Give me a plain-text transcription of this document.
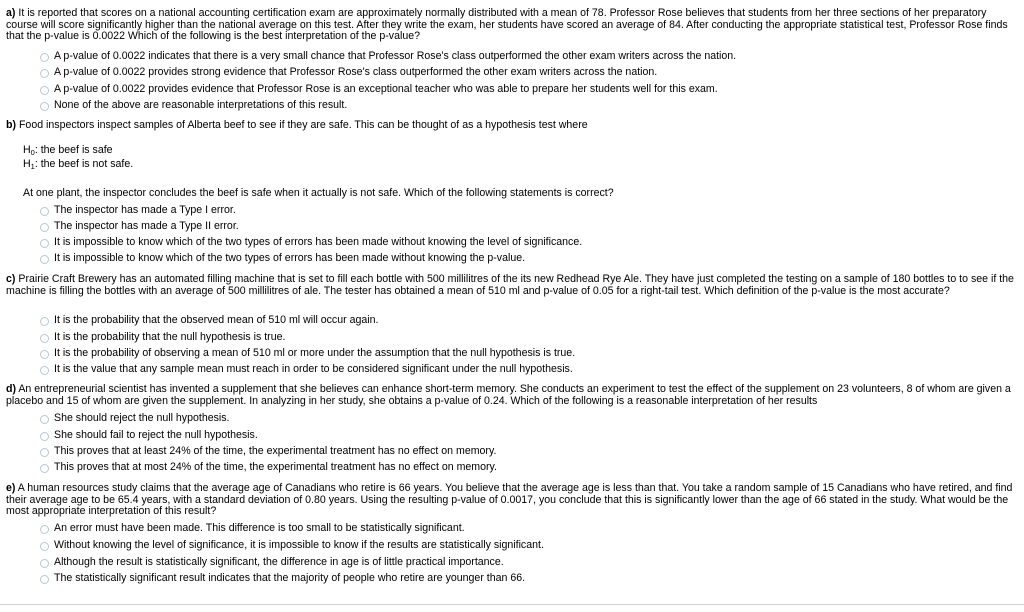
a) It is reported that scores on a national accounting certification exam are approximately normally distributed with a mean of 78. Professor Rose believes that students from her three sections of her preparatory course will score significantly higher than the national average on this test. After they write the exam, her students have scored an average of 84. After conducting the appropriate statistical test, Professor Rose finds that the p-value is 0.0022 Which of the following is the best interpretation of the p-value?
A p-value of 0.0022 indicates that there is a very small chance that Professor Rose's class outperformed the other exam writers across the nation.
A p-value of 0.0022 provides strong evidence that Professor Rose's class outperformed the other exam writers across the nation.
A p-value of 0.0022 provides evidence that Professor Rose is an exceptional teacher who was able to prepare her students well for this exam.
None of the above are reasonable interpretations of this result.
b) Food inspectors inspect samples of Alberta beef to see if they are safe. This can be thought of as a hypothesis test where
$H_0$: the beef is safe
$H_1$: the beef is not safe.
At one plant, the inspector concludes the beef is safe when it actually is not safe. Which of the following statements is correct?
The inspector has made a Type I error.
The inspector has made a Type II error.
It is impossible to know which of the two types of errors has been made without knowing the level of significance.
It is impossible to know which of the two types of errors has been made without knowing the p-value.
c) Prairie Craft Brewery has an automated filling machine that is set to fill each bottle with 500 millilitres of the its new Redhead Rye Ale. They have just completed the testing on a sample of 180 bottles to to see if the machine is filling the bottles with an average of 500 millilitres of ale. The tester has obtained a mean of 510 ml and p-value of 0.05 for a right-tail test. Which definition of the p-value is the most accurate?
It is the probability that the observed mean of 510 ml will occur again.
It is the probability that the null hypothesis is true.
It is the probability of observing a mean of 510 ml or more under the assumption that the null hypothesis is true.
It is the value that any sample mean must reach in order to be considered significant under the null hypothesis.
d) An entrepreneurial scientist has invented a supplement that she believes can enhance short-term memory. She conducts an experiment to test the effect of the supplement on 23 volunteers, 8 of whom are given a placebo and 15 of whom are given the supplement. In analyzing in her study, she obtains a p-value of 0.24. Which of the following is a reasonable interpretation of her results
She should reject the null hypothesis.
She should fail to reject the null hypothesis.
This proves that at least 24% of the time, the experimental treatment has no effect on memory.
This proves that at most 24% of the time, the experimental treatment has no effect on memory.
e) A human resources study claims that the average age of Canadians who retire is 66 years. You believe that the average age is less than that. You take a random sample of 15 Canadians who have retired, and find their average age to be 65.4 years, with a standard deviation of 0.80 years. Using the resulting p-value of 0.0017, you conclude that this is significantly lower than the age of 66 stated in the study. What would be the most appropriate interpretation of this result?
An error must have been made. This difference is too small to be statistically significant.
Without knowing the level of significance, it is impossible to know if the results are statistically significant.
Although the result is statistically significant, the difference in age is of little practical importance.
The statistically significant result indicates that the majority of people who retire are younger than 66.
